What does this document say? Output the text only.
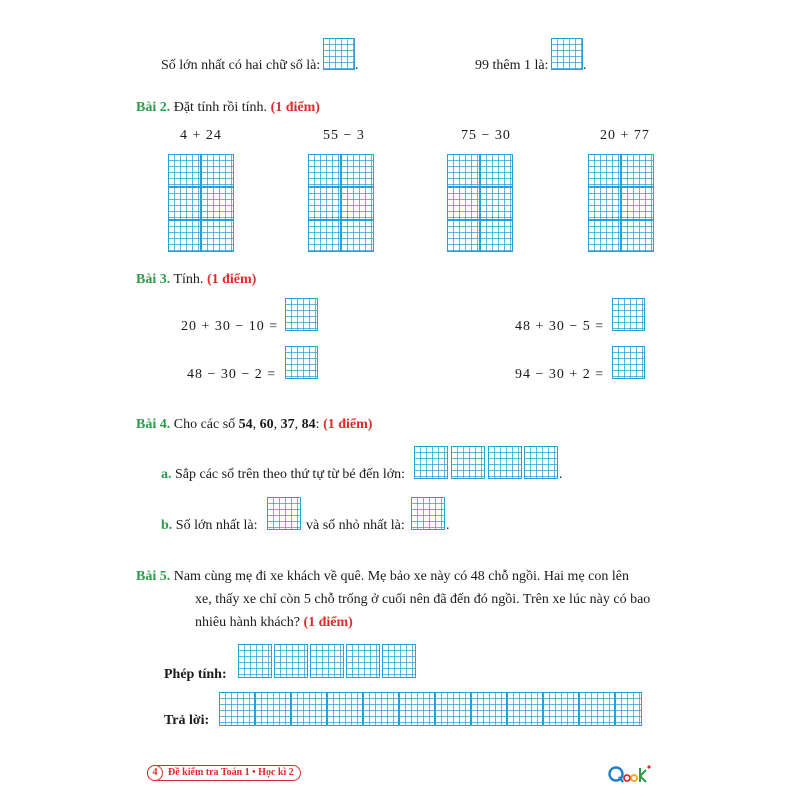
Số lớn nhất có hai chữ số là: .	99 thêm 1 là: .
Bài 2. Đặt tính rồi tính. (1 điểm)
4 + 24	55 − 3	75 − 30	20 + 77
Bài 3. Tính. (1 điểm)
20 + 30 − 10 =	48 + 30 − 5 =
48 − 30 − 2 =	94 − 30 + 2 =
Bài 4. Cho các số 54, 60, 37, 84: (1 điểm)
a. Sắp các số trên theo thứ tự từ bé đến lớn:	.
b. Số lớn nhất là:	và số nhỏ nhất là:	.
Bài 5. Nam cùng mẹ đi xe khách về quê. Mẹ bảo xe này có 48 chỗ ngồi. Hai mẹ con lên
xe, thấy xe chỉ còn 5 chỗ trống ở cuối nên đã đến đó ngồi. Trên xe lúc này có bao
nhiêu hành khách? (1 điểm)
Phép tính:
Trả lời:
Đề kiểm tra Toán 1 • Học kì 2
4
